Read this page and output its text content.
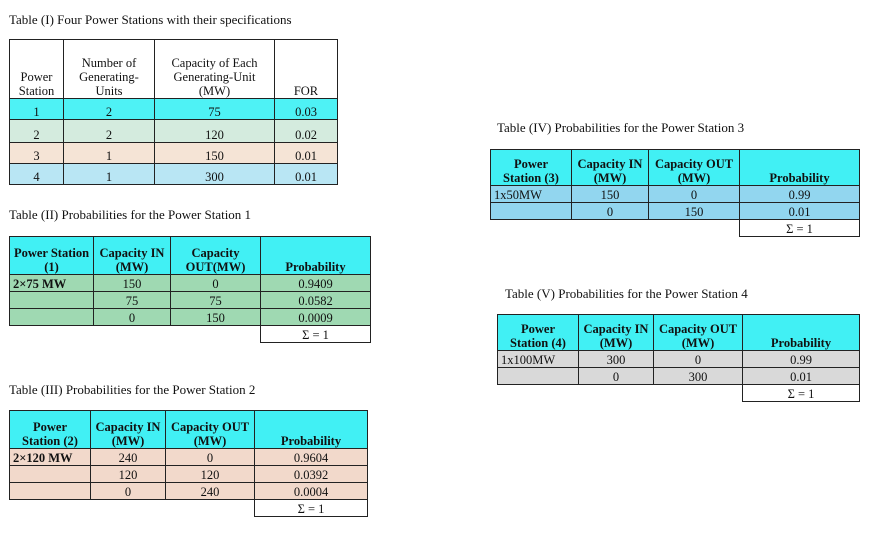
Table (I) Four Power Stations with their specifications
Power Station	Number of Generating-Units	Capacity of Each Generating-Unit (MW)	FOR
1	2	75	0.03
2	2	120	0.02
3	1	150	0.01
4	1	300	0.01
Table (II) Probabilities for the Power Station 1
Power Station (1)	Capacity IN (MW)	Capacity OUT(MW)	Probability
2×75 MW	150	0	0.9409
	75	75	0.0582
	0	150	0.0009
			Σ = 1
Table (III) Probabilities for the Power Station 2
Power Station (2)	Capacity IN (MW)	Capacity OUT (MW)	Probability
2×120 MW	240	0	0.9604
	120	120	0.0392
	0	240	0.0004
			Σ = 1
Table (IV) Probabilities for the Power Station 3
Power Station (3)	Capacity IN (MW)	Capacity OUT (MW)	Probability
1x50MW	150	0	0.99
	0	150	0.01
			Σ = 1
Table (V) Probabilities for the Power Station 4
Power Station (4)	Capacity IN (MW)	Capacity OUT (MW)	Probability
1x100MW	300	0	0.99
	0	300	0.01
			Σ = 1
